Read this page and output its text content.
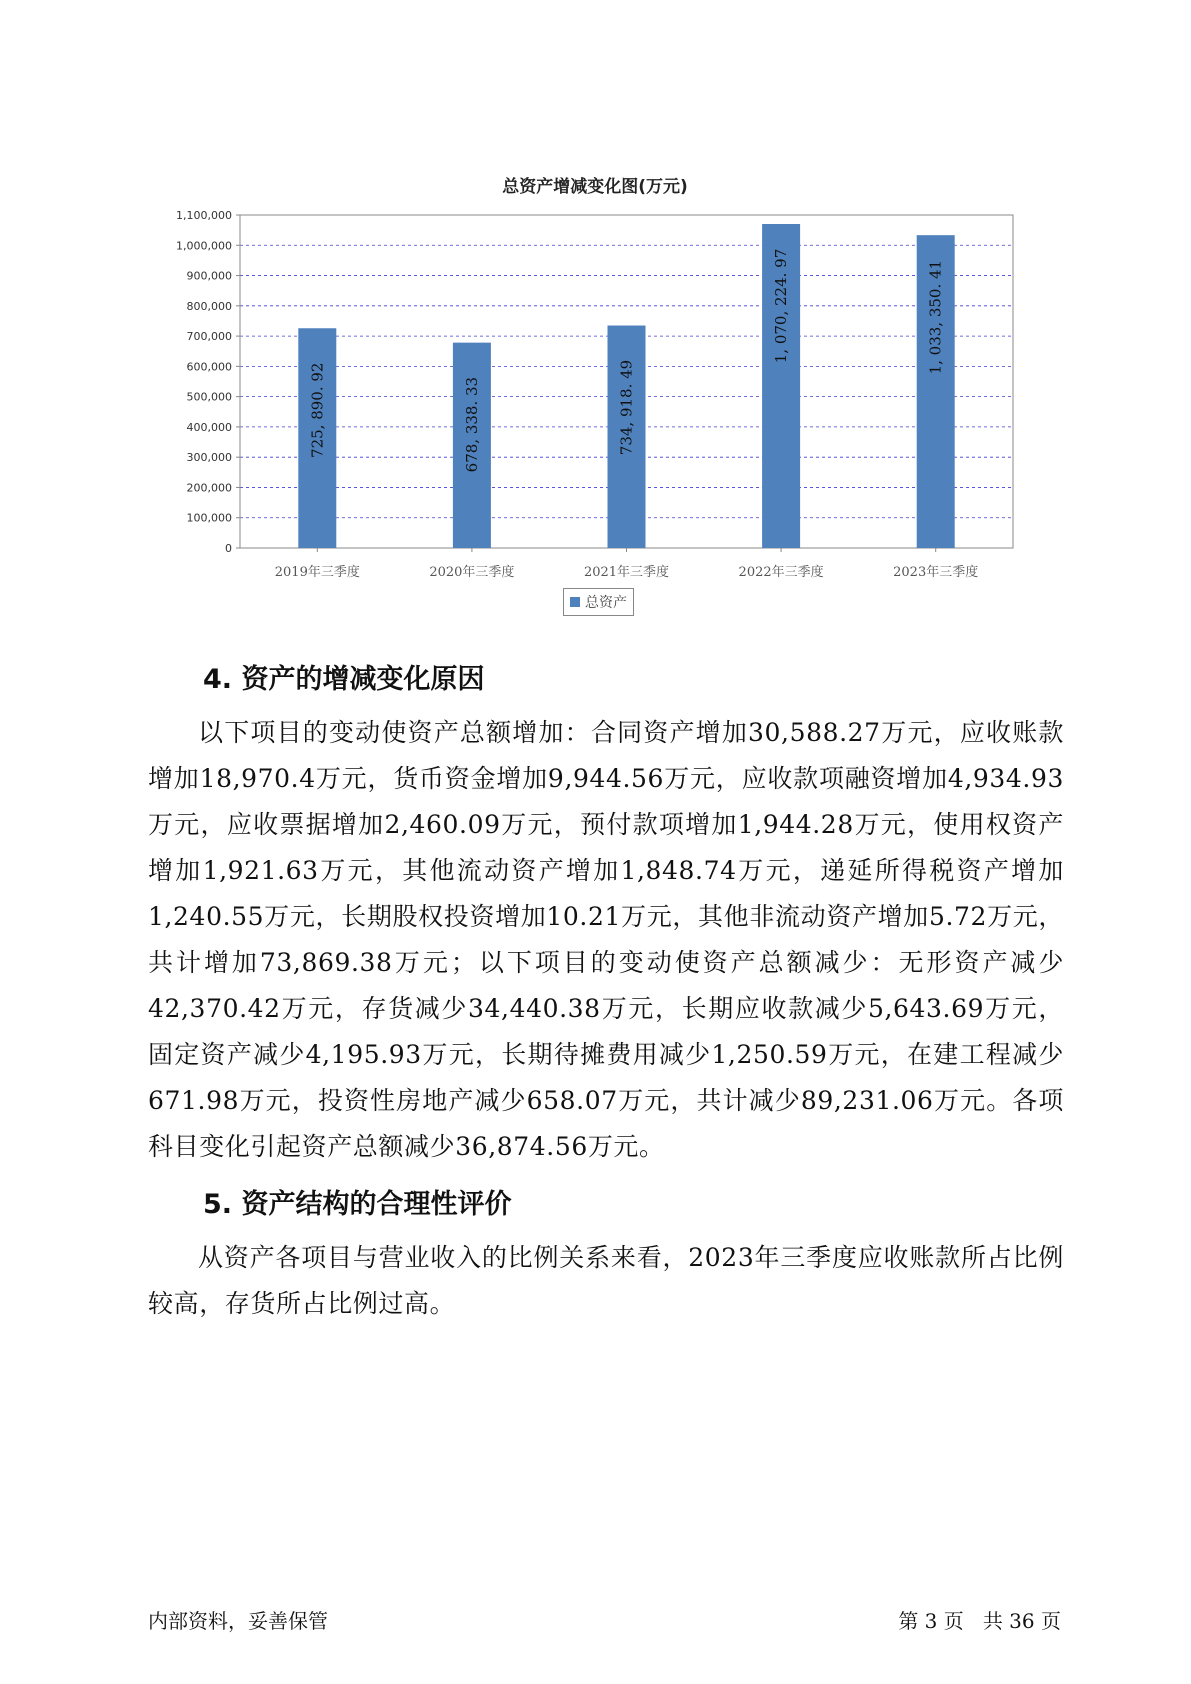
总资产增减变化图(万元)
0
100,000
200,000
300,000
400,000
500,000
600,000
700,000
800,000
900,000
1,000,000
1,100,000
725, 890. 92	678, 338. 33	734, 918. 49
1, 070, 224. 97	1, 033, 350. 41
2019年三季度	2020年三季度	2021年三季度	2022年三季度	2023年三季度
总资产
4. 资产的增减变化原因

以下项目的变动使资产总额增加：合同资产增加30,588.27万元，应收账款增加18,970.4万元，货币资金增加9,944.56万元，应收款项融资增加4,934.93万元，应收票据增加2,460.09万元，预付款项增加1,944.28万元，使用权资产增加1,921.63万元，其他流动资产增加1,848.74万元，递延所得税资产增加1,240.55万元，长期股权投资增加10.21万元，其他非流动资产增加5.72万元，共计增加73,869.38万元；以下项目的变动使资产总额减少：无形资产减少42,370.42万元，存货减少34,440.38万元，长期应收款减少5,643.69万元，固定资产减少4,195.93万元，长期待摊费用减少1,250.59万元，在建工程减少671.98万元，投资性房地产减少658.07万元，共计减少89,231.06万元。各项科目变化引起资产总额减少36,874.56万元。

5. 资产结构的合理性评价

从资产各项目与营业收入的比例关系来看，2023年三季度应收账款所占比例较高，存货所占比例过高。

内部资料，妥善保管	第 3 页   共 36 页
